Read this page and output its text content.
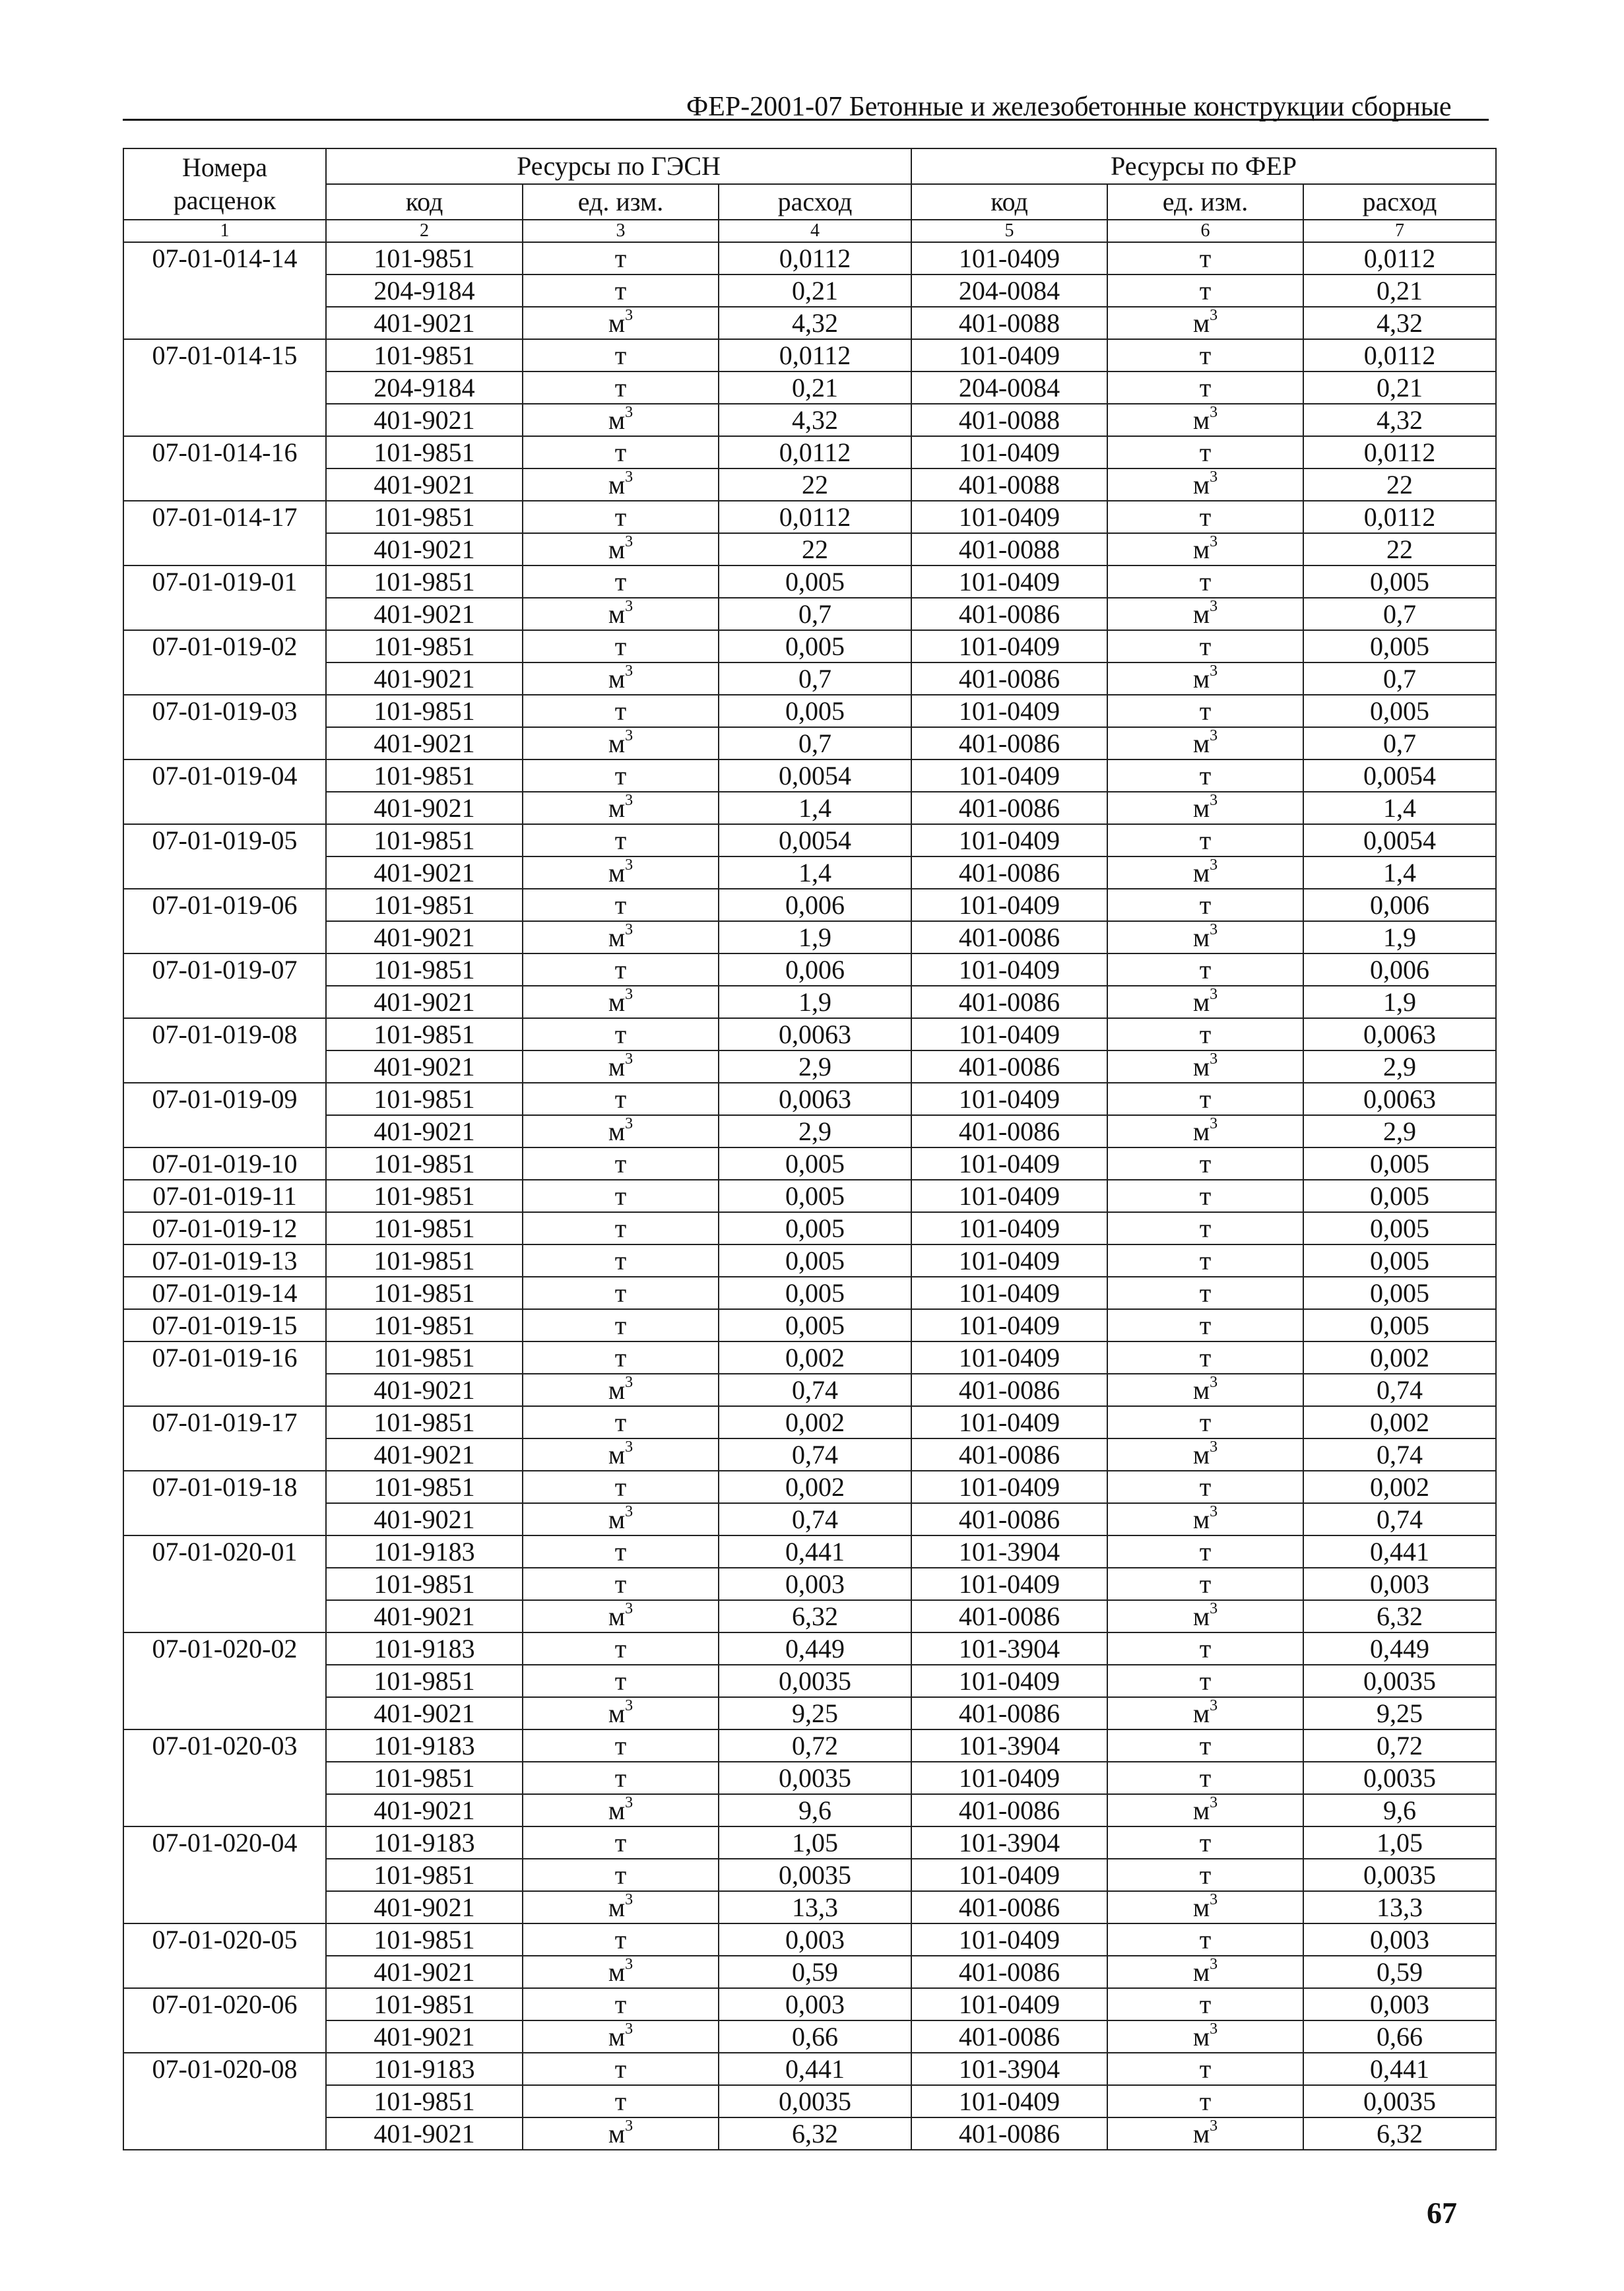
ФЕР-2001-07 Бетонные и железобетонные конструкции сборные
Номера
расценок	Ресурсы по ГЭСН			Ресурсы по ФЕР		
	код	ед. изм.	расход	код	ед. изм.	расход
1	2	3	4	5	6	7
07-01-014-14	101-9851	т	0,0112	101-0409	т	0,0112
	204-9184	т	0,21	204-0084	т	0,21
	401-9021	$м^3$	4,32	401-0088	$м^3$	4,32
07-01-014-15	101-9851	т	0,0112	101-0409	т	0,0112
	204-9184	т	0,21	204-0084	т	0,21
	401-9021	$м^3$	4,32	401-0088	$м^3$	4,32
07-01-014-16	101-9851	т	0,0112	101-0409	т	0,0112
	401-9021	$м^3$	22	401-0088	$м^3$	22
07-01-014-17	101-9851	т	0,0112	101-0409	т	0,0112
	401-9021	$м^3$	22	401-0088	$м^3$	22
07-01-019-01	101-9851	т	0,005	101-0409	т	0,005
	401-9021	$м^3$	0,7	401-0086	$м^3$	0,7
07-01-019-02	101-9851	т	0,005	101-0409	т	0,005
	401-9021	$м^3$	0,7	401-0086	$м^3$	0,7
07-01-019-03	101-9851	т	0,005	101-0409	т	0,005
	401-9021	$м^3$	0,7	401-0086	$м^3$	0,7
07-01-019-04	101-9851	т	0,0054	101-0409	т	0,0054
	401-9021	$м^3$	1,4	401-0086	$м^3$	1,4
07-01-019-05	101-9851	т	0,0054	101-0409	т	0,0054
	401-9021	$м^3$	1,4	401-0086	$м^3$	1,4
07-01-019-06	101-9851	т	0,006	101-0409	т	0,006
	401-9021	$м^3$	1,9	401-0086	$м^3$	1,9
07-01-019-07	101-9851	т	0,006	101-0409	т	0,006
	401-9021	$м^3$	1,9	401-0086	$м^3$	1,9
07-01-019-08	101-9851	т	0,0063	101-0409	т	0,0063
	401-9021	$м^3$	2,9	401-0086	$м^3$	2,9
07-01-019-09	101-9851	т	0,0063	101-0409	т	0,0063
	401-9021	$м^3$	2,9	401-0086	$м^3$	2,9
07-01-019-10	101-9851	т	0,005	101-0409	т	0,005
07-01-019-11	101-9851	т	0,005	101-0409	т	0,005
07-01-019-12	101-9851	т	0,005	101-0409	т	0,005
07-01-019-13	101-9851	т	0,005	101-0409	т	0,005
07-01-019-14	101-9851	т	0,005	101-0409	т	0,005
07-01-019-15	101-9851	т	0,005	101-0409	т	0,005
07-01-019-16	101-9851	т	0,002	101-0409	т	0,002
	401-9021	$м^3$	0,74	401-0086	$м^3$	0,74
07-01-019-17	101-9851	т	0,002	101-0409	т	0,002
	401-9021	$м^3$	0,74	401-0086	$м^3$	0,74
07-01-019-18	101-9851	т	0,002	101-0409	т	0,002
	401-9021	$м^3$	0,74	401-0086	$м^3$	0,74
07-01-020-01	101-9183	т	0,441	101-3904	т	0,441
	101-9851	т	0,003	101-0409	т	0,003
	401-9021	$м^3$	6,32	401-0086	$м^3$	6,32
07-01-020-02	101-9183	т	0,449	101-3904	т	0,449
	101-9851	т	0,0035	101-0409	т	0,0035
	401-9021	$м^3$	9,25	401-0086	$м^3$	9,25
07-01-020-03	101-9183	т	0,72	101-3904	т	0,72
	101-9851	т	0,0035	101-0409	т	0,0035
	401-9021	$м^3$	9,6	401-0086	$м^3$	9,6
07-01-020-04	101-9183	т	1,05	101-3904	т	1,05
	101-9851	т	0,0035	101-0409	т	0,0035
	401-9021	$м^3$	13,3	401-0086	$м^3$	13,3
07-01-020-05	101-9851	т	0,003	101-0409	т	0,003
	401-9021	$м^3$	0,59	401-0086	$м^3$	0,59
07-01-020-06	101-9851	т	0,003	101-0409	т	0,003
	401-9021	$м^3$	0,66	401-0086	$м^3$	0,66
07-01-020-08	101-9183	т	0,441	101-3904	т	0,441
	101-9851	т	0,0035	101-0409	т	0,0035
	401-9021	$м^3$	6,32	401-0086	$м^3$	6,32
67
